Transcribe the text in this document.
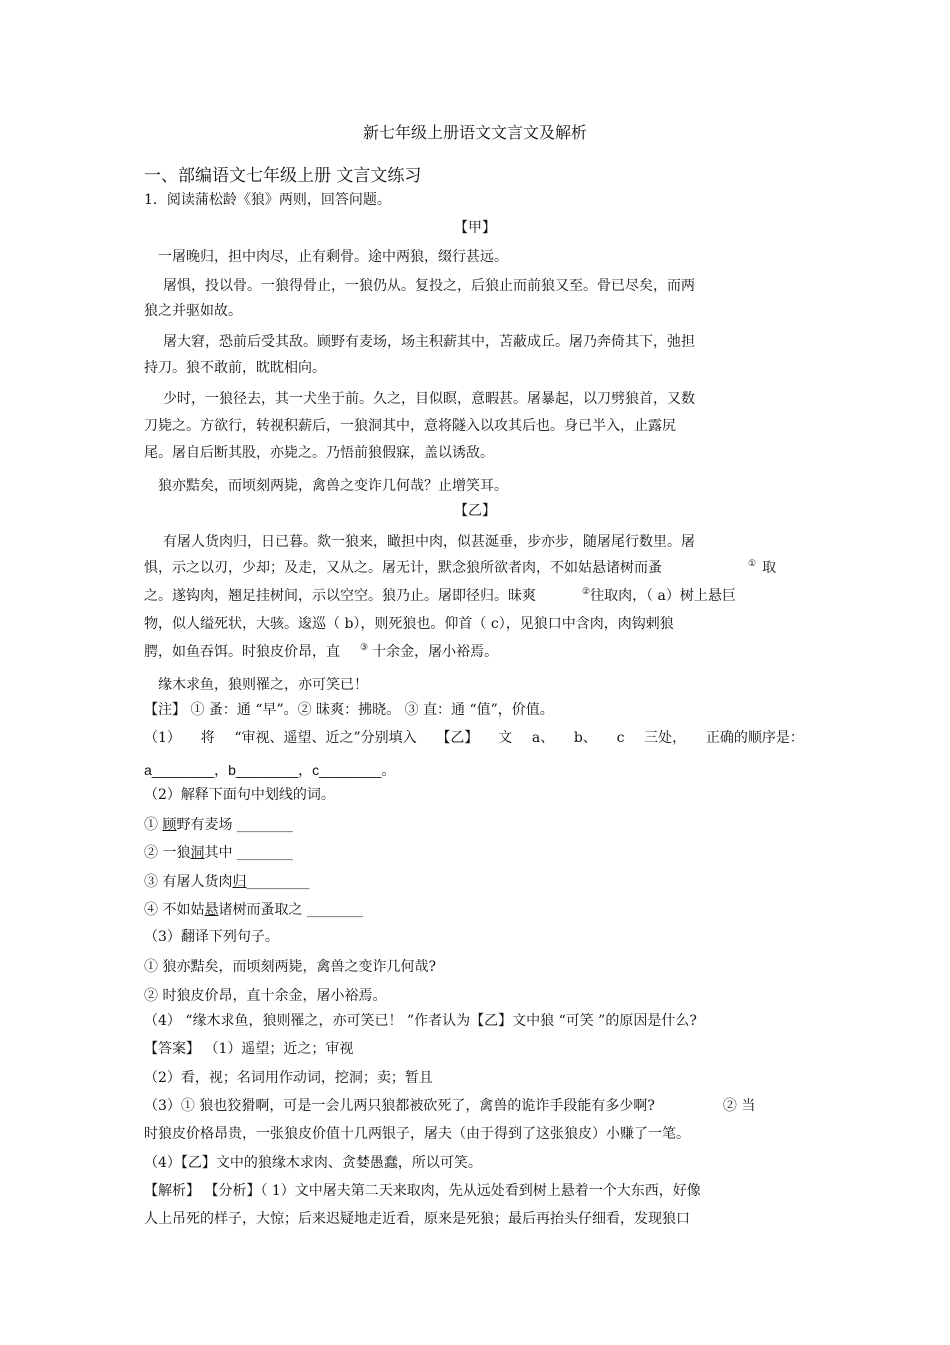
新七年级上册语文文言文及解析
一、部编语文七年级上册 文言文练习
1．阅读蒲松龄《狼》两则，回答问题。
【甲】
一屠晚归，担中肉尽，止有剩骨。途中两狼，缀行甚远。
屠惧，投以骨。一狼得骨止，一狼仍从。复投之，后狼止而前狼又至。骨已尽矣，而两
狼之并驱如故。
屠大窘，恐前后受其敌。顾野有麦场，场主积薪其中，苫蔽成丘。屠乃奔倚其下，弛担
持刀。狼不敢前，眈眈相向。
少时，一狼径去，其一犬坐于前。久之，目似瞑，意暇甚。屠暴起，以刀劈狼首，又数
刀毙之。方欲行，转视积薪后，一狼洞其中，意将隧入以攻其后也。身已半入，止露尻
尾。屠自后断其股，亦毙之。乃悟前狼假寐，盖以诱敌。
狼亦黠矣，而顷刻两毙，禽兽之变诈几何哉？止增笑耳。
【乙】
有屠人货肉归，日已暮。欻一狼来，瞰担中肉，似甚涎垂，步亦步，随屠尾行数里。屠
惧，示之以刃，少却；及走，又从之。屠无计，默念狼所欲者肉，不如姑悬诸树而蚤	① 取
之。遂钩肉，翘足挂树间，示以空空。狼乃止。屠即径归。昧爽	②往取肉，（ a）树上悬巨
物，似人缢死状，大骇。逡巡（ b），则死狼也。仰首（ c），见狼口中含肉，肉钩剌狼
腭，如鱼吞饵。时狼皮价昂，直 ③ 十余金，屠小裕焉。
缘木求鱼，狼则罹之，亦可笑已！
【注】 ① 蚤：通 “早”。② 昧爽：拂晓。 ③ 直：通 “值”，价值。
（1） 将 “审视、遥望、近之”分别填入 【乙】 文 a、 b、 c 三处， 正确的顺序是：
a________，b________，c________。
（2）解释下面句中划线的词。
① 顾野有麦场 ________
② 一狼洞其中 ________
③ 有屠人货肉归_________
④ 不如姑悬诸树而蚤取之 ________
（3）翻译下列句子。
① 狼亦黠矣，而顷刻两毙，禽兽之变诈几何哉?
② 时狼皮价昂，直十余金，屠小裕焉。
（4） “缘木求鱼，狼则罹之，亦可笑已！ ”作者认为【乙】文中狼 “可笑 ”的原因是什么?
【答案】 （1）遥望；近之；审视
（2）看，视；名词用作动词，挖洞；卖；暂且
（3）① 狼也狡猾啊，可是一会儿两只狼都被砍死了，禽兽的诡诈手段能有多少啊?	② 当
时狼皮价格昂贵，一张狼皮价值十几两银子，屠夫（由于得到了这张狼皮）小赚了一笔。
（4）【乙】文中的狼缘木求肉、贪婪愚蠢，所以可笑。
【解析】 【分析】（ 1）文中屠夫第二天来取肉，先从远处看到树上悬着一个大东西，好像
人上吊死的样子，大惊；后来迟疑地走近看，原来是死狼；最后再抬头仔细看，发现狼口
